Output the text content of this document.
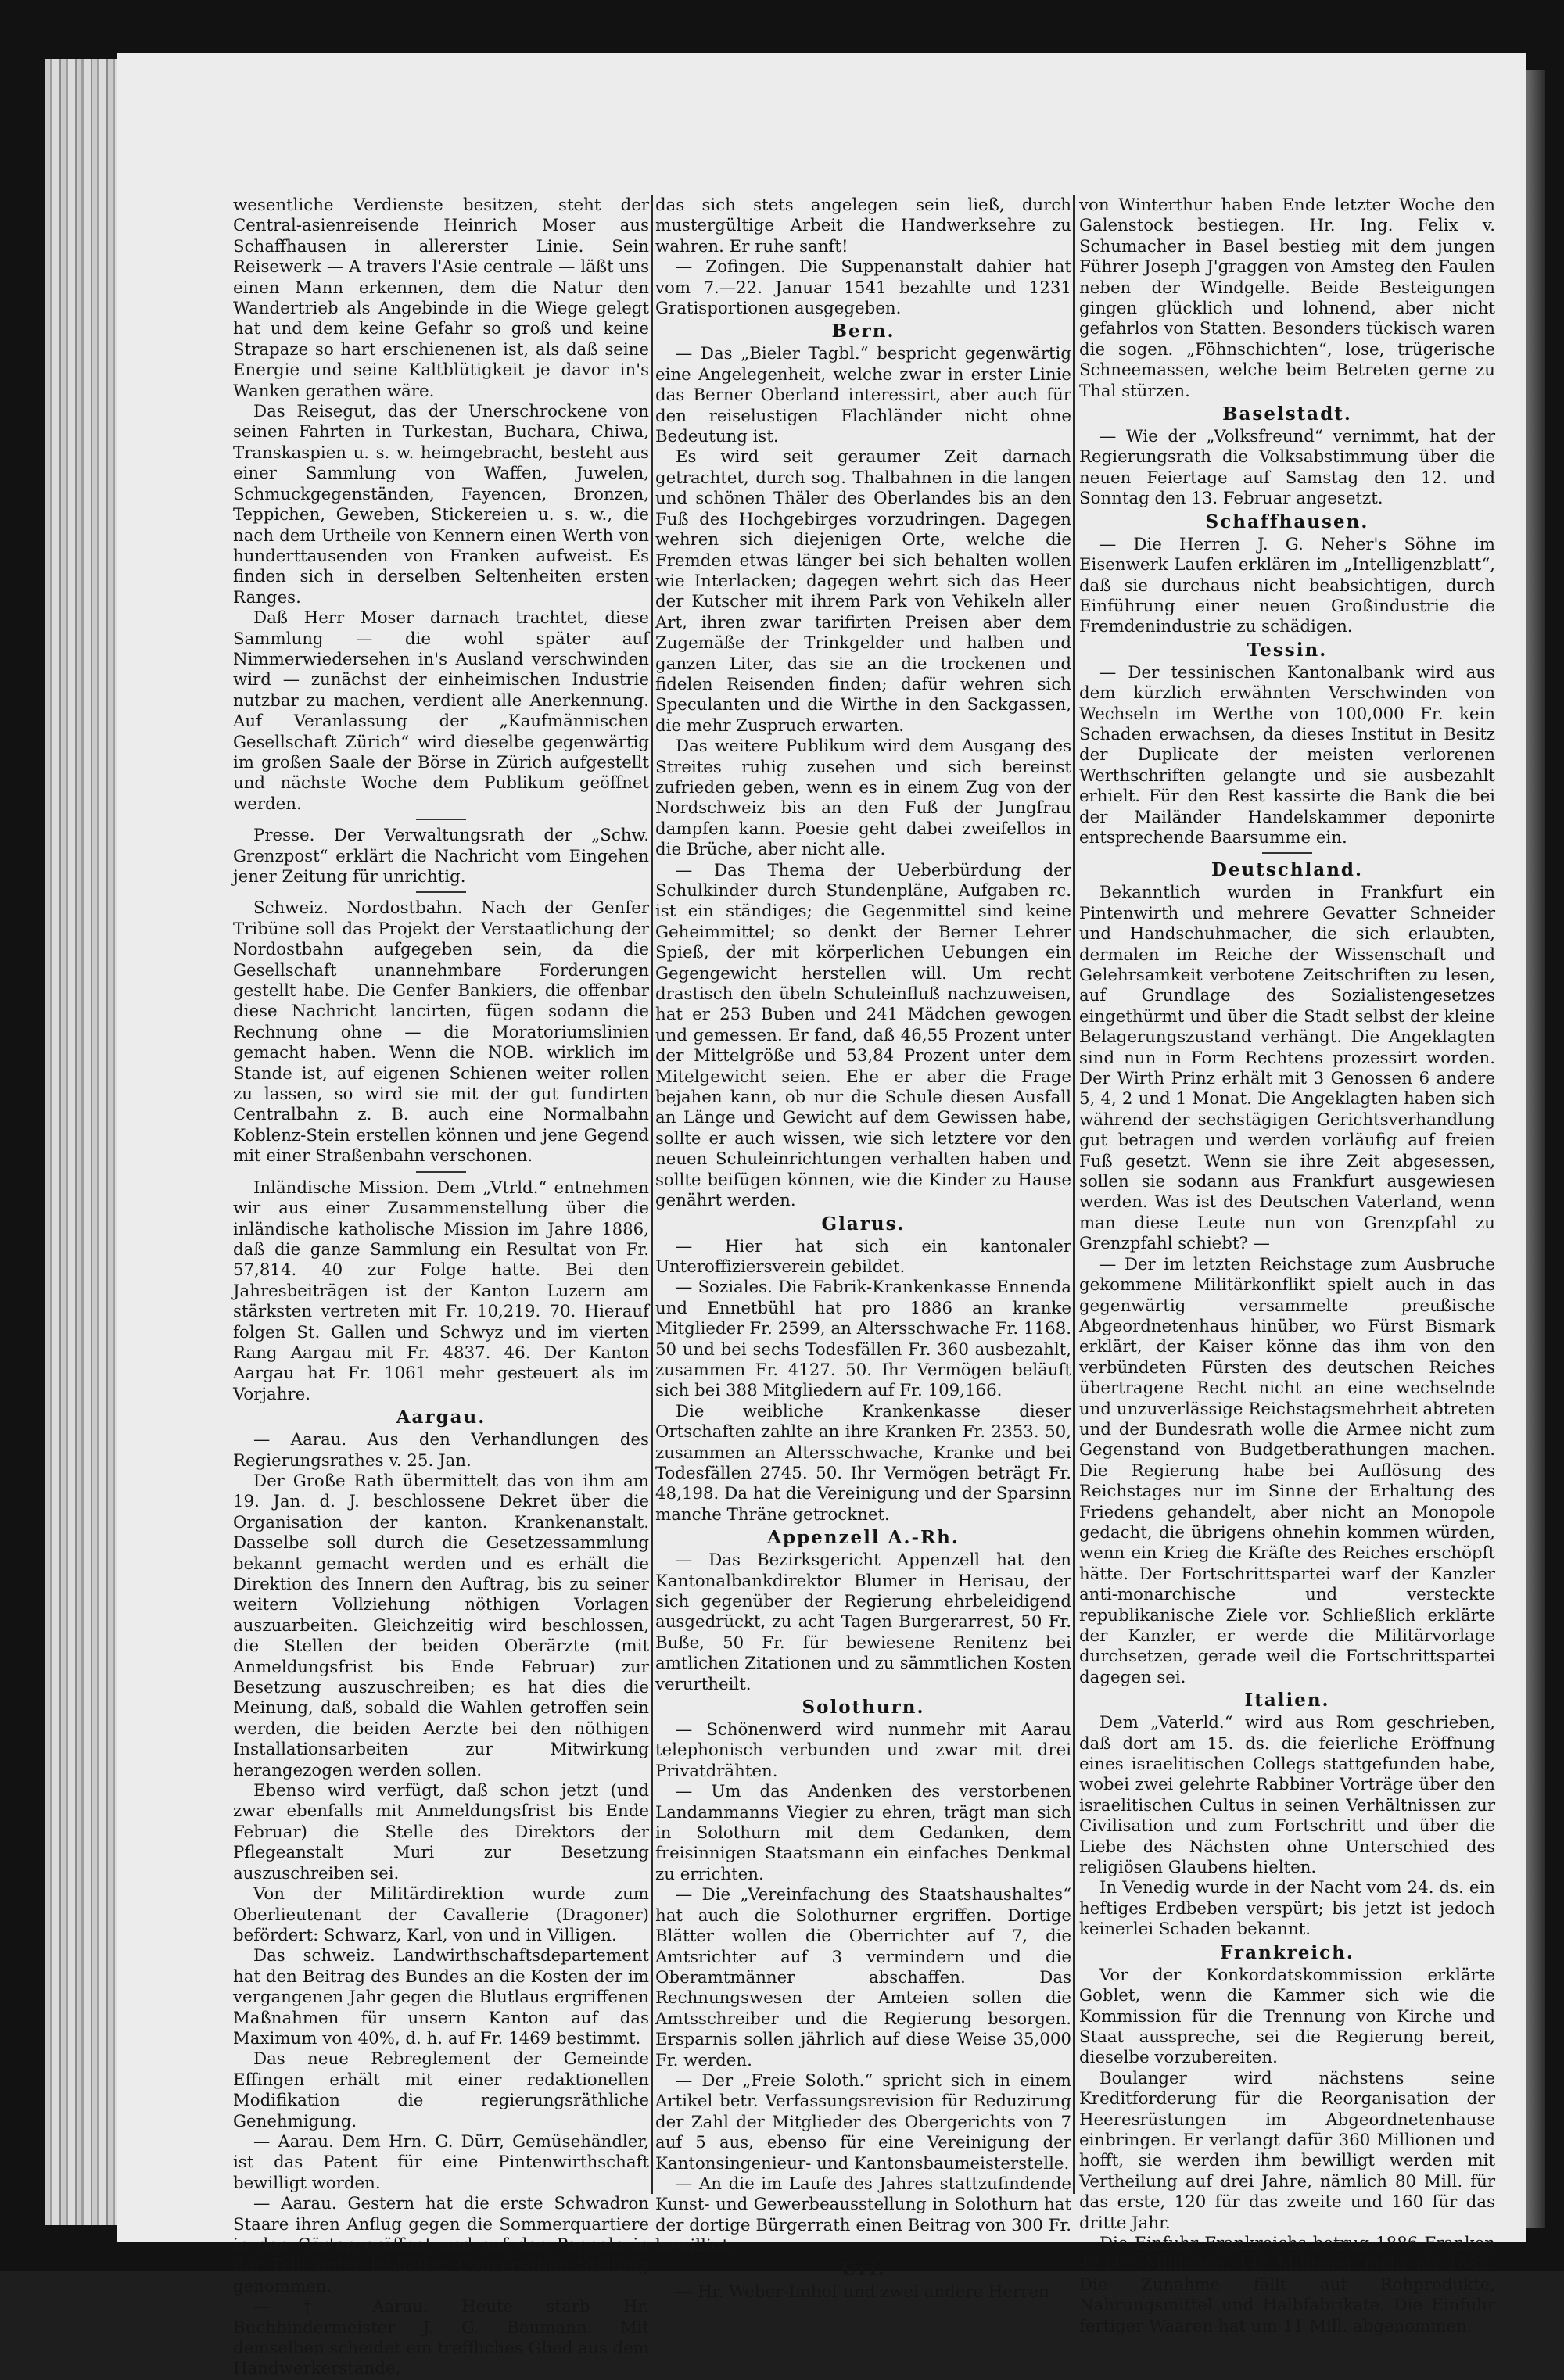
wesentliche Verdienste besitzen, steht der Central-asienreisende Heinrich Moser aus Schaffhausen in allererster Linie. Sein Reisewerk — A travers l'Asie centrale — läßt uns einen Mann erkennen, dem die Natur den Wandertrieb als Angebinde in die Wiege gelegt hat und dem keine Gefahr so groß und keine Strapaze so hart erschienenen ist, als daß seine Energie und seine Kaltblütigkeit je davor in's Wanken gerathen wäre.

Das Reisegut, das der Unerschrockene von seinen Fahrten in Turkestan, Buchara, Chiwa, Transkaspien u. s. w. heimgebracht, besteht aus einer Sammlung von Waffen, Juwelen, Schmuckgegenständen, Fayencen, Bronzen, Teppichen, Geweben, Stickereien u. s. w., die nach dem Urtheile von Kennern einen Werth von hunderttausenden von Franken aufweist. Es finden sich in derselben Seltenheiten ersten Ranges.

Daß Herr Moser darnach trachtet, diese Sammlung — die wohl später auf Nimmerwiedersehen in's Ausland verschwinden wird — zunächst der einheimischen Industrie nutzbar zu machen, verdient alle Anerkennung. Auf Veranlassung der „Kaufmännischen Gesellschaft Zürich“ wird dieselbe gegenwärtig im großen Saale der Börse in Zürich aufgestellt und nächste Woche dem Publikum geöffnet werden.

Presse. Der Verwaltungsrath der „Schw. Grenzpost“ erklärt die Nachricht vom Eingehen jener Zeitung für unrichtig.

Schweiz. Nordostbahn. Nach der Genfer Tribüne soll das Projekt der Verstaatlichung der Nordostbahn aufgegeben sein, da die Gesellschaft unannehmbare Forderungen gestellt habe. Die Genfer Bankiers, die offenbar diese Nachricht lancirten, fügen sodann die Rechnung ohne — die Moratoriumslinien gemacht haben. Wenn die NOB. wirklich im Stande ist, auf eigenen Schienen weiter rollen zu lassen, so wird sie mit der gut fundirten Centralbahn z. B. auch eine Normalbahn Koblenz-Stein erstellen können und jene Gegend mit einer Straßenbahn verschonen.

Inländische Mission. Dem „Vtrld.“ entnehmen wir aus einer Zusammenstellung über die inländische katholische Mission im Jahre 1886, daß die ganze Sammlung ein Resultat von Fr. 57,814. 40 zur Folge hatte. Bei den Jahresbeiträgen ist der Kanton Luzern am stärksten vertreten mit Fr. 10,219. 70. Hierauf folgen St. Gallen und Schwyz und im vierten Rang Aargau mit Fr. 4837. 46. Der Kanton Aargau hat Fr. 1061 mehr gesteuert als im Vorjahre.

Aargau.

— Aarau. Aus den Verhandlungen des Regierungsrathes v. 25. Jan.

Der Große Rath übermittelt das von ihm am 19. Jan. d. J. beschlossene Dekret über die Organisation der kanton. Krankenanstalt. Dasselbe soll durch die Gesetzessammlung bekannt gemacht werden und es erhält die Direktion des Innern den Auftrag, bis zu seiner weitern Vollziehung nöthigen Vorlagen auszuarbeiten. Gleichzeitig wird beschlossen, die Stellen der beiden Oberärzte (mit Anmeldungsfrist bis Ende Februar) zur Besetzung auszuschreiben; es hat dies die Meinung, daß, sobald die Wahlen getroffen sein werden, die beiden Aerzte bei den nöthigen Installationsarbeiten zur Mitwirkung herangezogen werden sollen.

Ebenso wird verfügt, daß schon jetzt (und zwar ebenfalls mit Anmeldungsfrist bis Ende Februar) die Stelle des Direktors der Pflegeanstalt Muri zur Besetzung auszuschreiben sei.

Von der Militärdirektion wurde zum Oberlieutenant der Cavallerie (Dragoner) befördert: Schwarz, Karl, von und in Villigen.

Das schweiz. Landwirthschaftsdepartement hat den Beitrag des Bundes an die Kosten der im vergangenen Jahr gegen die Blutlaus ergriffenen Maßnahmen für unsern Kanton auf das Maximum von 40%, d. h. auf Fr. 1469 bestimmt.

Das neue Rebreglement der Gemeinde Effingen erhält mit einer redaktionellen Modifikation die regierungsräthliche Genehmigung.

— Aarau. Dem Hrn. G. Dürr, Gemüsehändler, ist das Patent für eine Pintenwirthschaft bewilligt worden.

— Aarau. Gestern hat die erste Schwadron Staare ihren Anflug gegen die Sommerquartiere in den Gärten eröffnet und auf den Pappeln in der Telli unter lebhafter Conversation Stellung genommen.

— † Aarau. Heute starb Hr. Buchbindermeister J. G. Baumann. Mit demselben scheidet ein treffliches Glied aus dem Handwerkerstande,

das sich stets angelegen sein ließ, durch mustergültige Arbeit die Handwerksehre zu wahren. Er ruhe sanft!

— Zofingen. Die Suppenanstalt dahier hat vom 7.—22. Januar 1541 bezahlte und 1231 Gratisportionen ausgegeben.

Bern.

— Das „Bieler Tagbl.“ bespricht gegenwärtig eine Angelegenheit, welche zwar in erster Linie das Berner Oberland interessirt, aber auch für den reiselustigen Flachländer nicht ohne Bedeutung ist.

Es wird seit geraumer Zeit darnach getrachtet, durch sog. Thalbahnen in die langen und schönen Thäler des Oberlandes bis an den Fuß des Hochgebirges vorzudringen. Dagegen wehren sich diejenigen Orte, welche die Fremden etwas länger bei sich behalten wollen wie Interlacken; dagegen wehrt sich das Heer der Kutscher mit ihrem Park von Vehikeln aller Art, ihren zwar tarifirten Preisen aber dem Zugemäße der Trinkgelder und halben und ganzen Liter, das sie an die trockenen und fidelen Reisenden finden; dafür wehren sich Speculanten und die Wirthe in den Sackgassen, die mehr Zuspruch erwarten.

Das weitere Publikum wird dem Ausgang des Streites ruhig zusehen und sich bereinst zufrieden geben, wenn es in einem Zug von der Nordschweiz bis an den Fuß der Jungfrau dampfen kann. Poesie geht dabei zweifellos in die Brüche, aber nicht alle.

— Das Thema der Ueberbürdung der Schulkinder durch Stundenpläne, Aufgaben rc. ist ein ständiges; die Gegenmittel sind keine Geheimmittel; so denkt der Berner Lehrer Spieß, der mit körperlichen Uebungen ein Gegengewicht herstellen will. Um recht drastisch den übeln Schuleinfluß nachzuweisen, hat er 253 Buben und 241 Mädchen gewogen und gemessen. Er fand, daß 46,55 Prozent unter der Mittelgröße und 53,84 Prozent unter dem Mitelgewicht seien. Ehe er aber die Frage bejahen kann, ob nur die Schule diesen Ausfall an Länge und Gewicht auf dem Gewissen habe, sollte er auch wissen, wie sich letztere vor den neuen Schuleinrichtungen verhalten haben und sollte beifügen können, wie die Kinder zu Hause genährt werden.

Glarus.

— Hier hat sich ein kantonaler Unteroffiziersverein gebildet.

— Soziales. Die Fabrik-Krankenkasse Ennenda und Ennetbühl hat pro 1886 an kranke Mitglieder Fr. 2599, an Altersschwache Fr. 1168. 50 und bei sechs Todesfällen Fr. 360 ausbezahlt, zusammen Fr. 4127. 50. Ihr Vermögen beläuft sich bei 388 Mitgliedern auf Fr. 109,166.

Die weibliche Krankenkasse dieser Ortschaften zahlte an ihre Kranken Fr. 2353. 50, zusammen an Altersschwache, Kranke und bei Todesfällen 2745. 50. Ihr Vermögen beträgt Fr. 48,198. Da hat die Vereinigung und der Sparsinn manche Thräne getrocknet.

Appenzell A.-Rh.

— Das Bezirksgericht Appenzell hat den Kantonalbankdirektor Blumer in Herisau, der sich gegenüber der Regierung ehrbeleidigend ausgedrückt, zu acht Tagen Burgerarrest, 50 Fr. Buße, 50 Fr. für bewiesene Renitenz bei amtlichen Zitationen und zu sämmtlichen Kosten verurtheilt.

Solothurn.

— Schönenwerd wird nunmehr mit Aarau telephonisch verbunden und zwar mit drei Privatdrähten.

— Um das Andenken des verstorbenen Landammanns Viegier zu ehren, trägt man sich in Solothurn mit dem Gedanken, dem freisinnigen Staatsmann ein einfaches Denkmal zu errichten.

— Die „Vereinfachung des Staatshaushaltes“ hat auch die Solothurner ergriffen. Dortige Blätter wollen die Oberrichter auf 7, die Amtsrichter auf 3 vermindern und die Oberamtmänner abschaffen. Das Rechnungswesen der Amteien sollen die Amtsschreiber und die Regierung besorgen. Ersparnis sollen jährlich auf diese Weise 35,000 Fr. werden.

— Der „Freie Soloth.“ spricht sich in einem Artikel betr. Verfassungsrevision für Reduzirung der Zahl der Mitglieder des Obergerichts von 7 auf 5 aus, ebenso für eine Vereinigung der Kantonsingenieur- und Kantonsbaumeisterstelle.

— An die im Laufe des Jahres stattzufindende Kunst- und Gewerbeausstellung in Solothurn hat der dortige Bürgerrath einen Beitrag von 300 Fr. bewilligt.

Uri.

— Hr. Weber-Imhof und zwei andere Herren

von Winterthur haben Ende letzter Woche den Galenstock bestiegen. Hr. Ing. Felix v. Schumacher in Basel bestieg mit dem jungen Führer Joseph J'graggen von Amsteg den Faulen neben der Windgelle. Beide Besteigungen gingen glücklich und lohnend, aber nicht gefahrlos von Statten. Besonders tückisch waren die sogen. „Föhnschichten“, lose, trügerische Schneemassen, welche beim Betreten gerne zu Thal stürzen.

Baselstadt.

— Wie der „Volksfreund“ vernimmt, hat der Regierungsrath die Volksabstimmung über die neuen Feiertage auf Samstag den 12. und Sonntag den 13. Februar angesetzt.

Schaffhausen.

— Die Herren J. G. Neher's Söhne im Eisenwerk Laufen erklären im „Intelligenzblatt“, daß sie durchaus nicht beabsichtigen, durch Einführung einer neuen Großindustrie die Fremdenindustrie zu schädigen.

Tessin.

— Der tessinischen Kantonalbank wird aus dem kürzlich erwähnten Verschwinden von Wechseln im Werthe von 100,000 Fr. kein Schaden erwachsen, da dieses Institut in Besitz der Duplicate der meisten verlorenen Werthschriften gelangte und sie ausbezahlt erhielt. Für den Rest kassirte die Bank die bei der Mailänder Handelskammer deponirte entsprechende Baarsumme ein.

Deutschland.

Bekanntlich wurden in Frankfurt ein Pintenwirth und mehrere Gevatter Schneider und Handschuhmacher, die sich erlaubten, dermalen im Reiche der Wissenschaft und Gelehrsamkeit verbotene Zeitschriften zu lesen, auf Grundlage des Sozialistengesetzes eingethürmt und über die Stadt selbst der kleine Belagerungszustand verhängt. Die Angeklagten sind nun in Form Rechtens prozessirt worden. Der Wirth Prinz erhält mit 3 Genossen 6 andere 5, 4, 2 und 1 Monat. Die Angeklagten haben sich während der sechstägigen Gerichtsverhandlung gut betragen und werden vorläufig auf freien Fuß gesetzt. Wenn sie ihre Zeit abgesessen, sollen sie sodann aus Frankfurt ausgewiesen werden. Was ist des Deutschen Vaterland, wenn man diese Leute nun von Grenzpfahl zu Grenzpfahl schiebt? —

— Der im letzten Reichstage zum Ausbruche gekommene Militärkonflikt spielt auch in das gegenwärtig versammelte preußische Abgeordnetenhaus hinüber, wo Fürst Bismark erklärt, der Kaiser könne das ihm von den verbündeten Fürsten des deutschen Reiches übertragene Recht nicht an eine wechselnde und unzuverlässige Reichstagsmehrheit abtreten und der Bundesrath wolle die Armee nicht zum Gegenstand von Budgetberathungen machen. Die Regierung habe bei Auflösung des Reichstages nur im Sinne der Erhaltung des Friedens gehandelt, aber nicht an Monopole gedacht, die übrigens ohnehin kommen würden, wenn ein Krieg die Kräfte des Reiches erschöpft hätte. Der Fortschrittspartei warf der Kanzler anti-monarchische und versteckte republikanische Ziele vor. Schließlich erklärte der Kanzler, er werde die Militärvorlage durchsetzen, gerade weil die Fortschrittspartei dagegen sei.

Italien.

Dem „Vaterld.“ wird aus Rom geschrieben, daß dort am 15. ds. die feierliche Eröffnung eines israelitischen Collegs stattgefunden habe, wobei zwei gelehrte Rabbiner Vorträge über den israelitischen Cultus in seinen Verhältnissen zur Civilisation und zum Fortschritt und über die Liebe des Nächsten ohne Unterschied des religiösen Glaubens hielten.

In Venedig wurde in der Nacht vom 24. ds. ein heftiges Erdbeben verspürt; bis jetzt ist jedoch keinerlei Schaden bekannt.

Frankreich.

Vor der Konkordatskommission erklärte Goblet, wenn die Kammer sich wie die Kommission für die Trennung von Kirche und Staat ausspreche, sei die Regierung bereit, dieselbe vorzubereiten.

Boulanger wird nächstens seine Kreditforderung für die Reorganisation der Heeresrüstungen im Abgeordnetenhause einbringen. Er verlangt dafür 360 Millionen und hofft, sie werden ihm bewilligt werden mit Vertheilung auf drei Jahre, nämlich 80 Mill. für das erste, 120 für das zweite und 160 für das dritte Jahr.

Die Einfuhr Frankreichs betrug 1886 Franken 4234½ Millionen, 146 Millionen mehr als 1885. Die Zunahme fällt auf Rohprodukte, Nahrungsmittel und Halbfabrikate. Die Einfuhr fertiger Waaren hat um 11 Mill. abgenommen.
